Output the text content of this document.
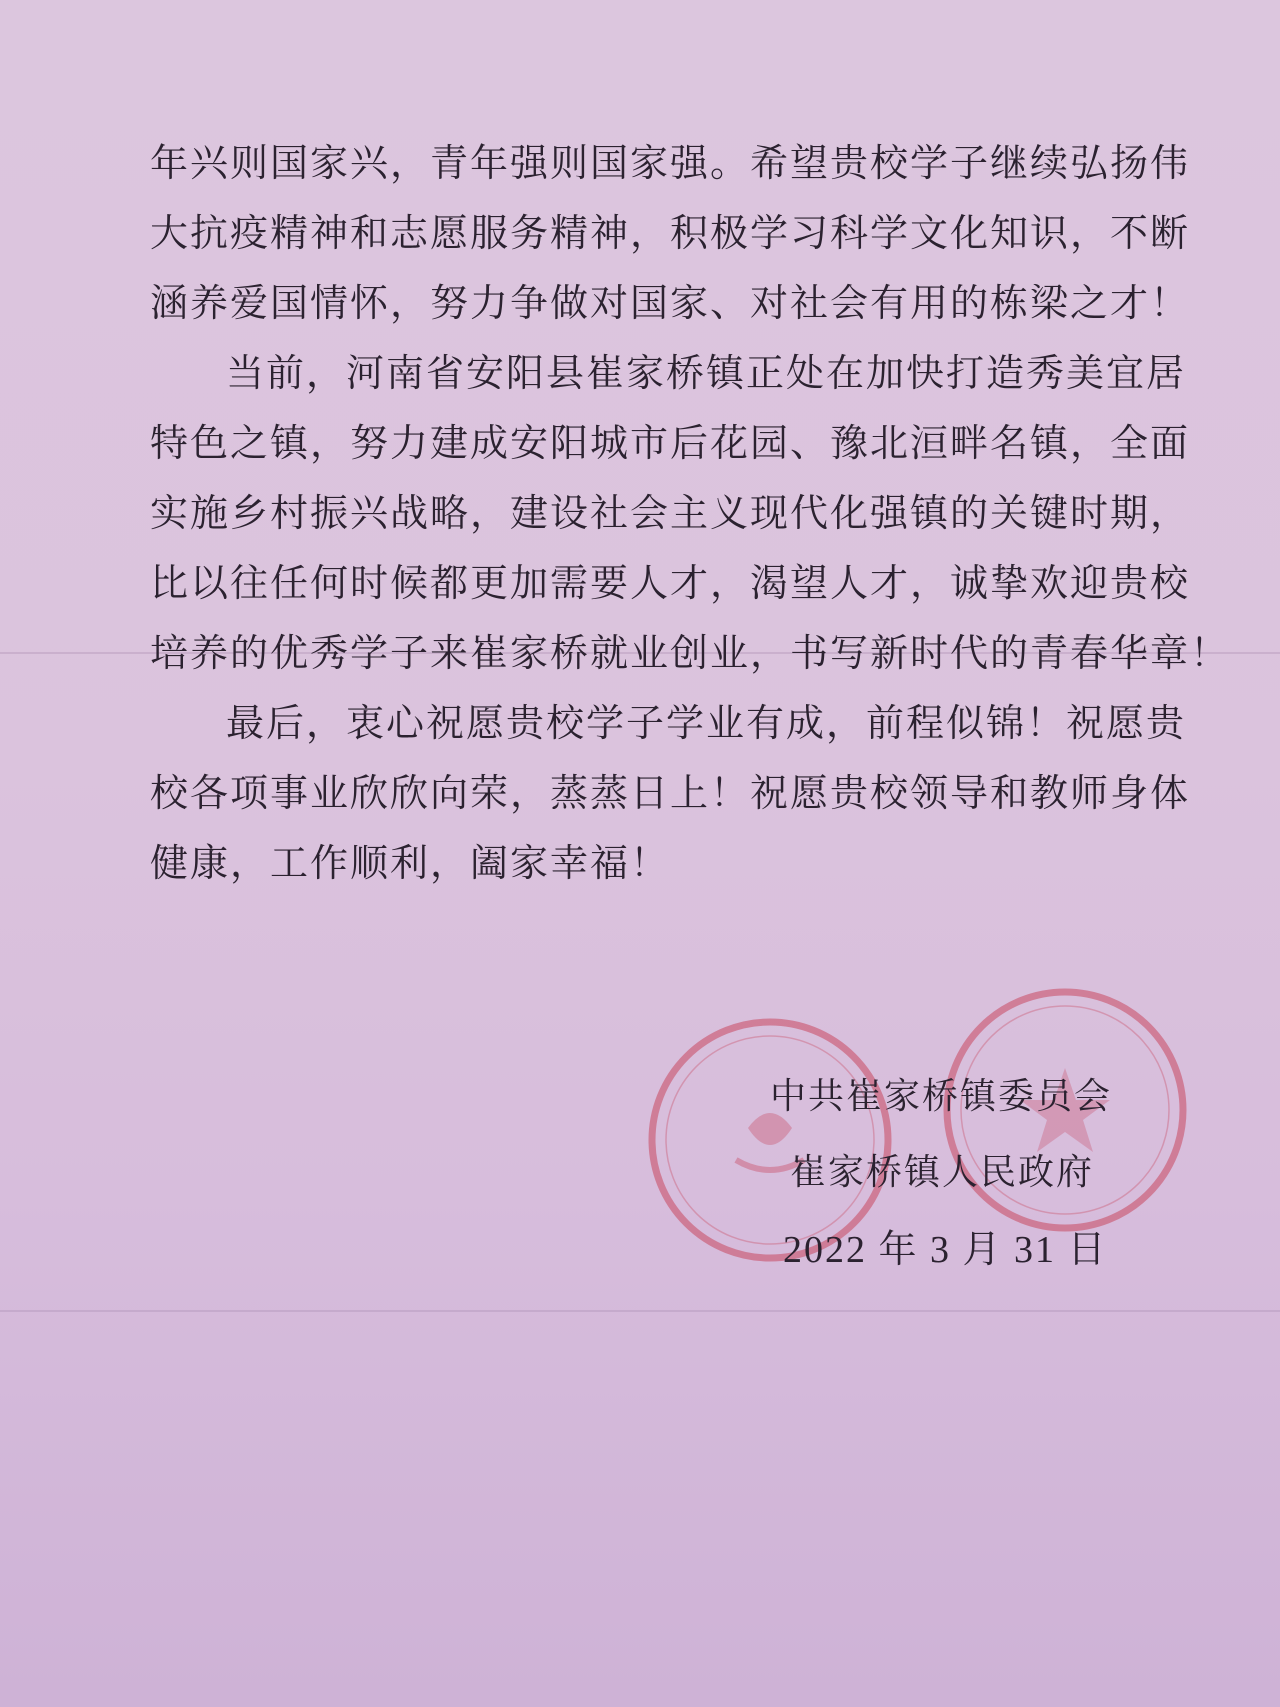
年兴则国家兴，青年强则国家强。希望贵校学子继续弘扬伟

大抗疫精神和志愿服务精神，积极学习科学文化知识，不断

涵养爱国情怀，努力争做对国家、对社会有用的栋梁之才！

当前，河南省安阳县崔家桥镇正处在加快打造秀美宜居

特色之镇，努力建成安阳城市后花园、豫北洹畔名镇，全面

实施乡村振兴战略，建设社会主义现代化强镇的关键时期，

比以往任何时候都更加需要人才，渴望人才，诚挚欢迎贵校

培养的优秀学子来崔家桥就业创业，书写新时代的青春华章！

最后，衷心祝愿贵校学子学业有成，前程似锦！祝愿贵

校各项事业欣欣向荣，蒸蒸日上！祝愿贵校领导和教师身体

健康，工作顺利，阖家幸福！

中共崔家桥镇委员会
崔家桥镇人民政府
2022 年 3 月 31 日
